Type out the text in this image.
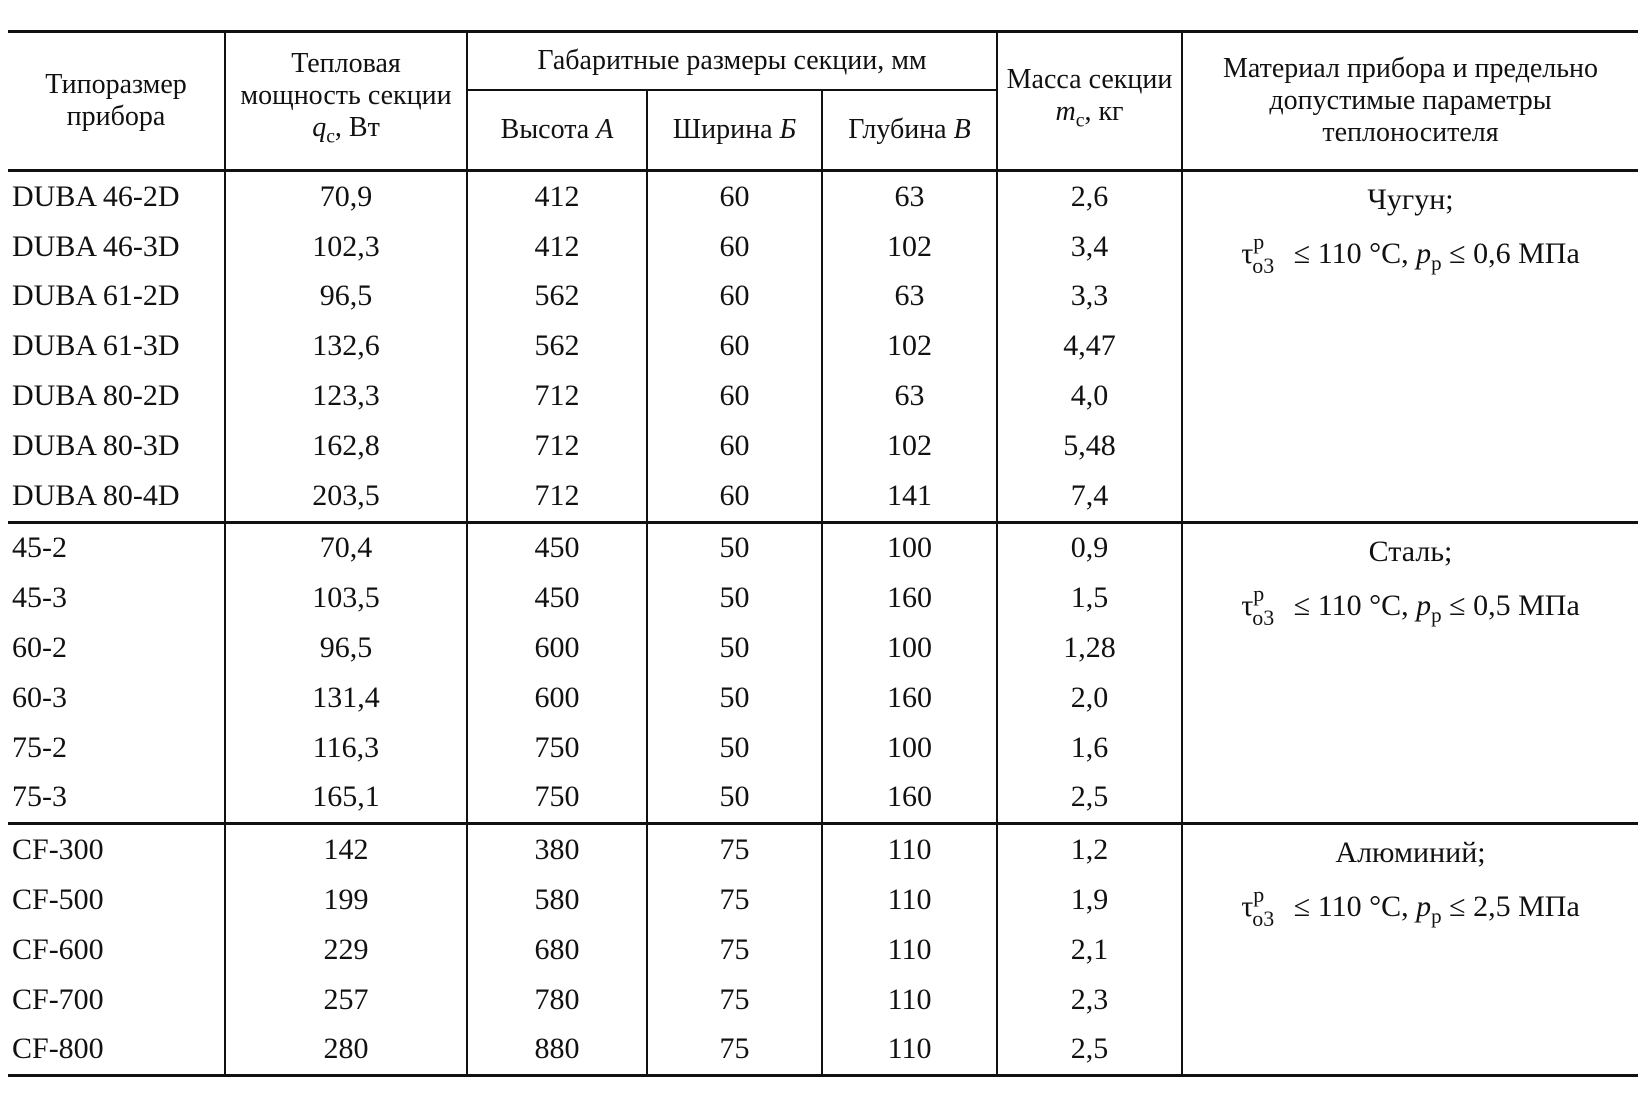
Типоразмер прибора	Тепловая мощность секции $q_с$, Вт	Габаритные размеры секции, мм			Масса секции $m_с$, кг	Материал прибора и предельно допустимые параметры теплоносителя
		Высота А	Ширина Б	Глубина В		
DUBA 46-2D	70,9	412	60	63	2,6	Чугун;
$\tau^р_{о3} \le 110$ °С, $p_р \le 0,6$ МПа

DUBA 46-3D	102,3	412	60	102	3,4	
DUBA 61-2D	96,5	562	60	63	3,3	
DUBA 61-3D	132,6	562	60	102	4,47	
DUBA 80-2D	123,3	712	60	63	4,0	
DUBA 80-3D	162,8	712	60	102	5,48	
DUBA 80-4D	203,5	712	60	141	7,4	
45-2	70,4	450	50	100	0,9	Сталь;
$\tau^р_{о3} \le 110$ °С, $p_р \le 0,5$ МПа

45-3	103,5	450	50	160	1,5	
60-2	96,5	600	50	100	1,28	
60-3	131,4	600	50	160	2,0	
75-2	116,3	750	50	100	1,6	
75-3	165,1	750	50	160	2,5	
CF-300	142	380	75	110	1,2	Алюминий;
$\tau^р_{о3} \le 110$ °С, $p_р \le 2,5$ МПа

CF-500	199	580	75	110	1,9	
CF-600	229	680	75	110	2,1	
CF-700	257	780	75	110	2,3	
CF-800	280	880	75	110	2,5	
